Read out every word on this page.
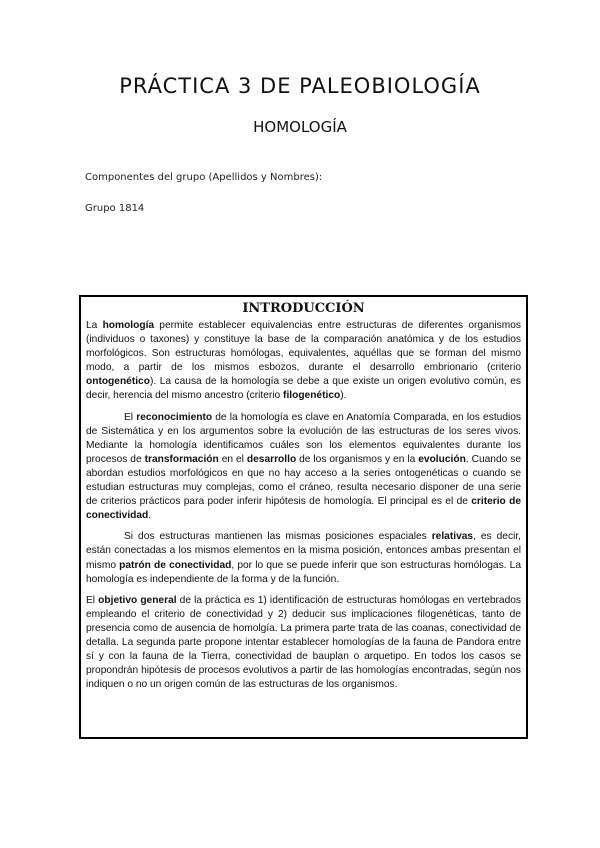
PRÁCTICA 3 DE PALEOBIOLOGÍA
HOMOLOGÍA
Componentes del grupo (Apellidos y Nombres):
Grupo 1814
INTRODUCCIÓN

La homología permite establecer equivalencias entre estructuras de diferentes organismos (individuos o taxones) y constituye la base de la comparación anatómica y de los estudios morfológicos. Son estructuras homólogas, equivalentes, aquéllas que se forman del mismo modo, a partir de los mismos esbozos, durante el desarrollo embrionario (criterio ontogenético). La causa de la homología se debe a que existe un origen evolutivo común, es decir, herencia del mismo ancestro (criterio filogenético).

El reconocimiento de la homología es clave en Anatomía Comparada, en los estudios de Sistemática y en los argumentos sobre la evolución de las estructuras de los seres vivos. Mediante la homología identificamos cuáles son los elementos equivalentes durante los procesos de transformación en el desarrollo de los organismos y en la evolución. Cuando se abordan estudios morfológicos en que no hay acceso a la series ontogenéticas o cuando se estudian estructuras muy complejas, como el cráneo, resulta necesario disponer de una serie de criterios prácticos para poder inferir hipótesis de homología. El principal es el de criterio de conectividad.

Si dos estructuras mantienen las mismas posiciones espaciales relativas, es decir, están conectadas a los mismos elementos en la misma posición, entonces ambas presentan el mismo patrón de conectividad, por lo que se puede inferir que son estructuras homólogas. La homología es independiente de la forma y de la función.

El objetivo general de la práctica es 1) identificación de estructuras homólogas en vertebrados empleando el criterio de conectividad y 2) deducir sus implicaciones filogenéticas, tanto de presencia como de ausencia de homolgía. La primera parte trata de las coanas, conectividad de detalla. La segunda parte propone intentar establecer homologías de la fauna de Pandora entre sí y con la fauna de la Tierra, conectividad de bauplan o arquetipo. En todos los casos se propondrán hipótesis de procesos evolutivos a partir de las homologías encontradas, según nos indiquen o no un origen común de las estructuras de los organismos.
